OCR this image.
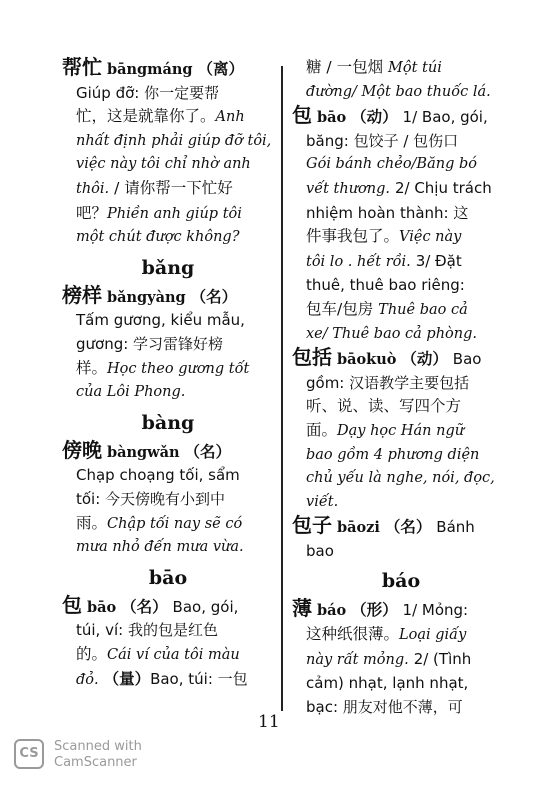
帮忙 bāngmáng （离）

Giúp đỡ: 你一定要帮

忙，这是就靠你了。Anh

nhất định phải giúp đỡ tôi,

việc này tôi chỉ nhờ anh

thôi. / 请你帮一下忙好

吧？Phiền anh giúp tôi

một chút được không?

bǎng

榜样 bǎngyàng （名）

Tấm gương, kiểu mẫu,

gương: 学习雷锋好榜

样。Học theo gương tốt

của Lôi Phong.

bàng

傍晚 bàngwǎn （名）

Chạp choạng tối, sẩm

tối: 今天傍晚有小到中

雨。Chập tối nay sẽ có

mưa nhỏ đến mưa vừa.

bāo

包 bāo （名） Bao, gói,

túi, ví: 我的包是红色

的。Cái ví của tôi màu

đỏ. （量）Bao, túi: 一包

糖 / 一包烟 Một túi

đường/ Một bao thuốc lá.

包 bāo （动） 1/ Bao, gói,

băng: 包饺子 / 包伤口

Gói bánh chẻo/Băng bó

vết thương. 2/ Chịu trách

nhiệm hoàn thành: 这

件事我包了。Việc này

tôi lo . hết rồi. 3/ Đặt

thuê, thuê bao riêng:

包车/包房 Thuê bao cả

xe/ Thuê bao cả phòng.

包括 bāokuò （动） Bao

gồm: 汉语教学主要包括

听、说、读、写四个方

面。Dạy học Hán ngữ

bao gồm 4 phương diện

chủ yếu là nghe, nói, đọc,

viết.

包子 bāozi （名） Bánh

bao

báo

薄 báo （形） 1/ Mỏng:

这种纸很薄。Loại giấy

này rất mỏng. 2/ (Tình

cảm) nhạt, lạnh nhạt,

bạc: 朋友对他不薄，可

11
CS	Scanned with
CamScanner
